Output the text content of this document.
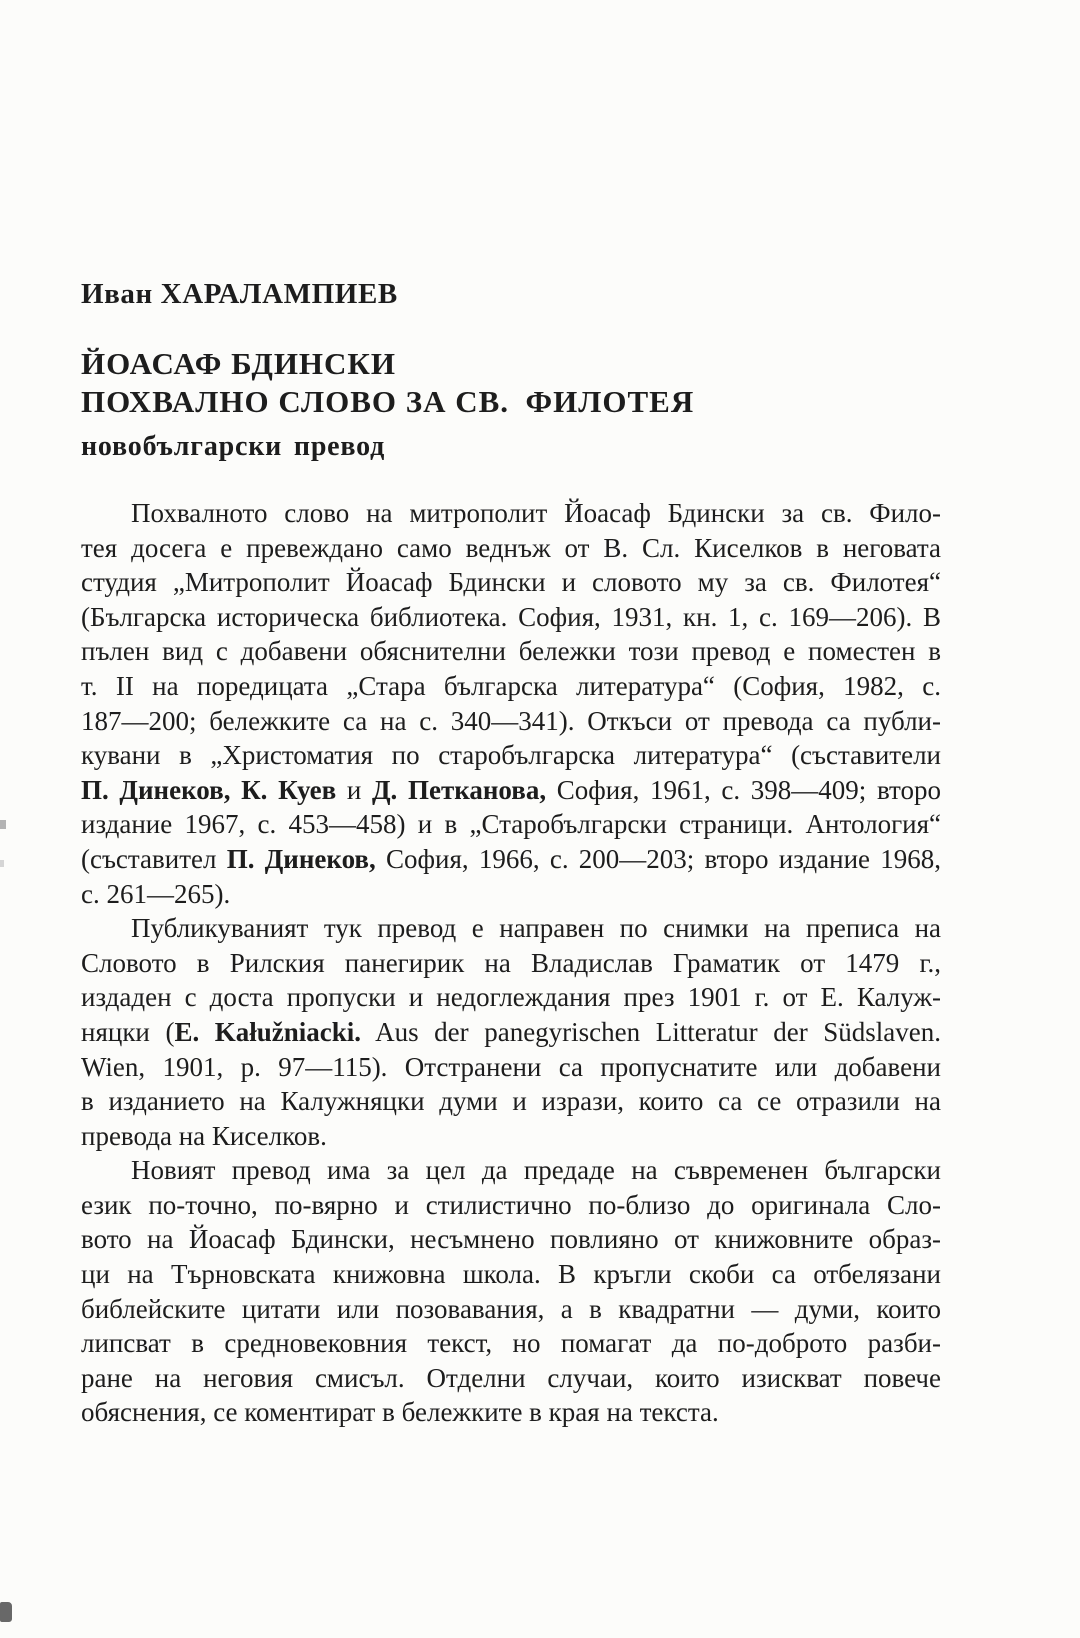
Иван ХАРАЛАМПИЕВ
ЙОАСАФ БДИНСКИ
ПОХВАЛНО СЛОВО ЗА СВ. ФИЛОТЕЯ
новобългарски превод
Похвалното слово на митрополит Йоасаф Бдински за св. Фило-
тея досега е превеждано само веднъж от В. Сл. Киселков в неговата
студия „Митрополит Йоасаф Бдински и словото му за св. Филотея“
(Българска историческа библиотека. София, 1931, кн. 1, с. 169—206). В
пълен вид с добавени обяснителни бележки този превод е поместен в
т. II на поредицата „Стара българска литература“ (София, 1982, с.
187—200; бележките са на с. 340—341). Откъси от превода са публи-
кувани в „Христоматия по старобългарска литература“ (съставители
П. Динеков, К. Куев и Д. Петканова, София, 1961, с. 398—409; второ
издание 1967, с. 453—458) и в „Старобългарски страници. Антология“
(съставител П. Динеков, София, 1966, с. 200—203; второ издание 1968,
с. 261—265).
Публикуваният тук превод е направен по снимки на преписа на
Словото в Рилския панегирик на Владислав Граматик от 1479 г.,
издаден с доста пропуски и недоглеждания през 1901 г. от Е. Калуж-
няцки (Е. Kałužniacki. Aus der panegyrischen Litteratur der Südslaven.
Wien, 1901, p. 97—115). Отстранени са пропуснатите или добавени
в изданието на Калужняцки думи и изрази, които са се отразили на
превода на Киселков.
Новият превод има за цел да предаде на съвременен български
език по-точно, по-вярно и стилистично по-близо до оригинала Сло-
вото на Йоасаф Бдински, несъмнено повлияно от книжовните образ-
ци на Търновската книжовна школа. В кръгли скоби са отбелязани
библейските цитати или позовавания, а в квадратни — думи, които
липсват в средновековния текст, но помагат да по-доброто разби-
ране на неговия смисъл. Отделни случаи, които изискват повече
обяснения, се коментират в бележките в края на текста.
